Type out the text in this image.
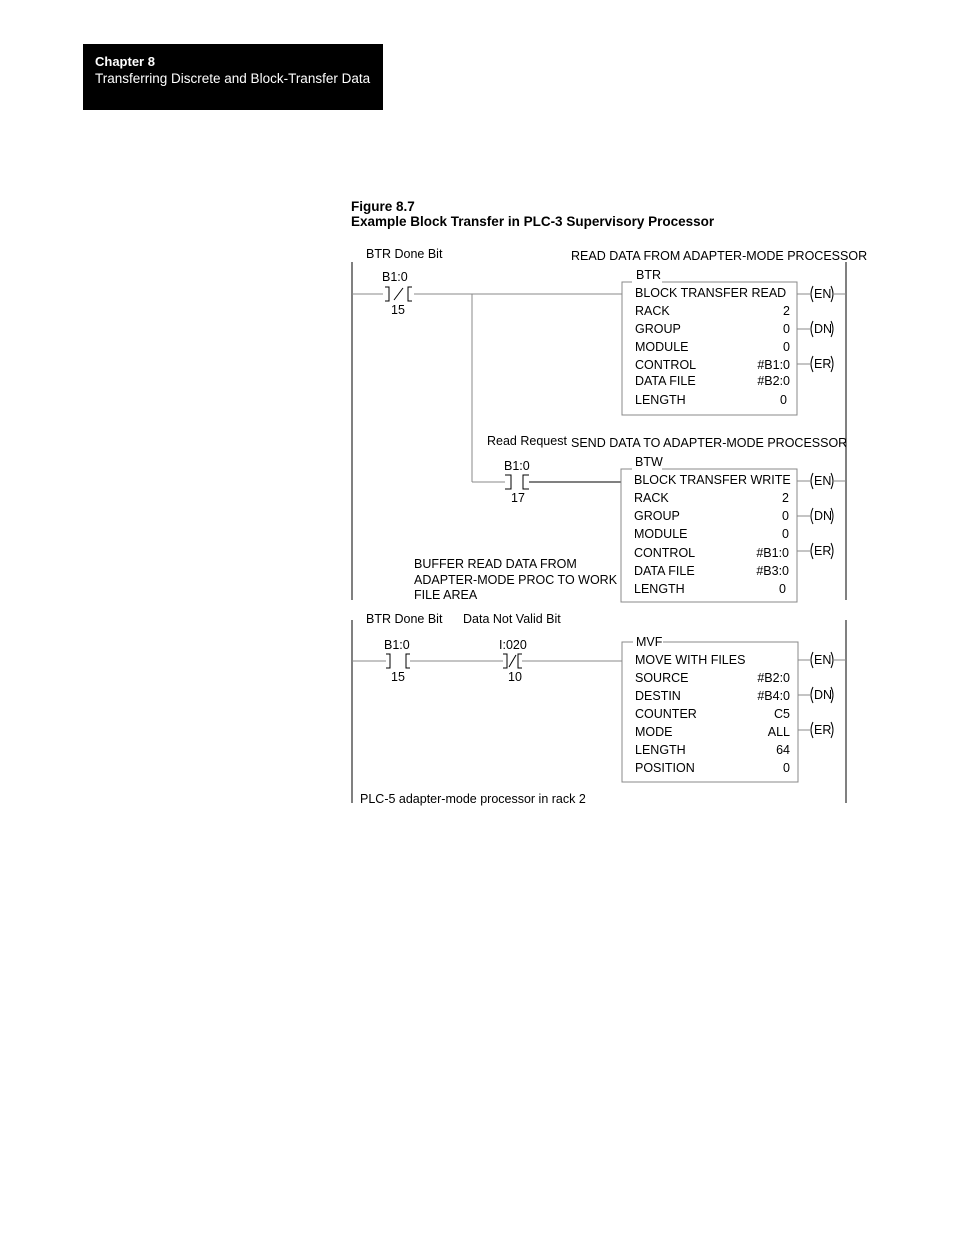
Chapter 8
Transferring Discrete and Block-Transfer Data
Figure 8.7
Example Block Transfer in PLC-3 Supervisory Processor
BTR Done Bit
B1:0
15
READ DATA FROM ADAPTER-MODE PROCESSOR
BTR
BLOCK TRANSFER READ
RACK	2
GROUP	0
MODULE	0
CONTROL	#B1:0
DATA FILE	#B2:0
LENGTH	0
EN
DN
ER
Read Request
B1:0
17
SEND DATA TO ADAPTER-MODE PROCESSOR
BTW
BLOCK TRANSFER WRITE
RACK	2
GROUP	0
MODULE	0
CONTROL	#B1:0
DATA FILE	#B3:0
LENGTH	0
EN
DN
ER
BUFFER READ DATA FROM
ADAPTER-MODE PROC TO WORK
FILE AREA
BTR Done Bit Data Not Valid Bit
B1:0
15
I:020
10
MVF
MOVE WITH FILES
SOURCE	#B2:0
DESTIN	#B4:0
COUNTER	C5
MODE	ALL
LENGTH	64
POSITION	0
EN
DN
ER
PLC-5 adapter-mode processor in rack 2
